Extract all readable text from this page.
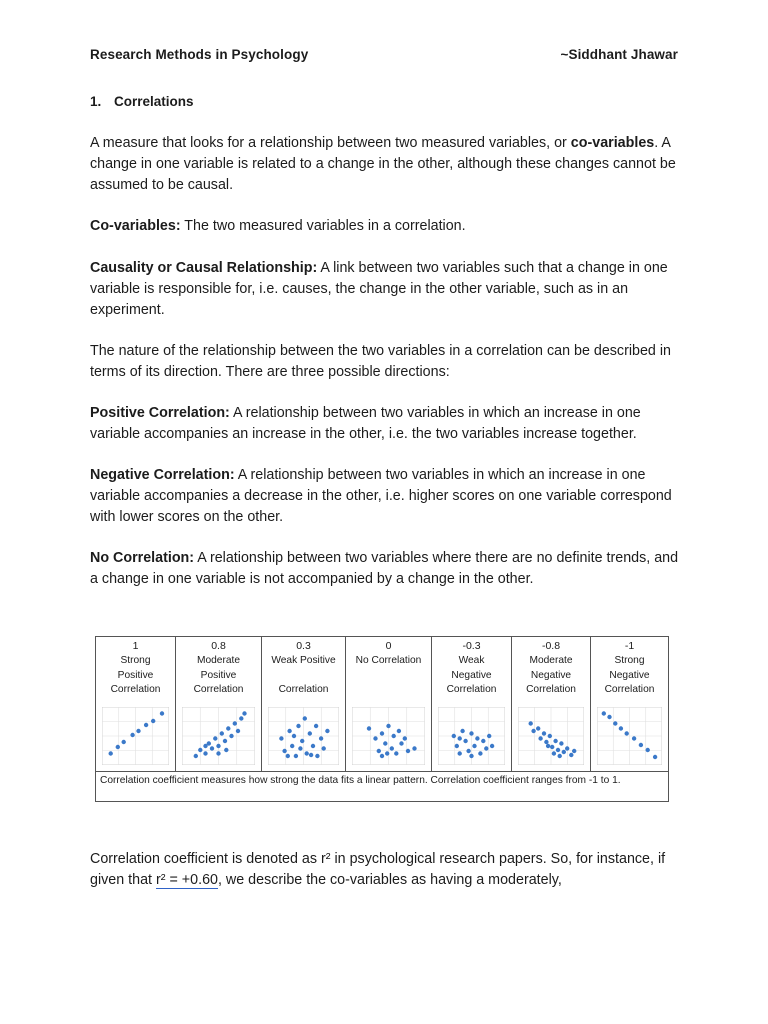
Research Methods in Psychology	~Siddhant Jhawar
1. Correlations

A measure that looks for a relationship between two measured variables, or co-variables. A change in one variable is related to a change in the other, although these changes cannot be assumed to be causal.

Co-variables: The two measured variables in a correlation.

Causality or Causal Relationship: A link between two variables such that a change in one variable is responsible for, i.e. causes, the change in the other variable, such as in an experiment.

The nature of the relationship between the two variables in a correlation can be described in terms of its direction. There are three possible directions:

Positive Correlation: A relationship between two variables in which an increase in one variable accompanies an increase in the other, i.e. the two variables increase together.

Negative Correlation: A relationship between two variables in which an increase in one variable accompanies a decrease in the other, i.e. higher scores on one variable correspond with lower scores on the other.

No Correlation: A relationship between two variables where there are no definite trends, and a change in one variable is not accompanied by a change in the other.

1
Strong
Positive
Correlation
0.8
Moderate
Positive
Correlation
0.3
Weak Positive

Correlation
0
No Correlation
-0.3
Weak
Negative
Correlation
-0.8
Moderate
Negative
Correlation
-1
Strong
Negative
Correlation
Correlation coefficient measures how strong the data fits a linear pattern. Correlation coefficient ranges from -1 to 1.

Correlation coefficient is denoted as r² in psychological research papers. So, for instance, if given that r² = +0.60, we describe the co-variables as having a moderately,
